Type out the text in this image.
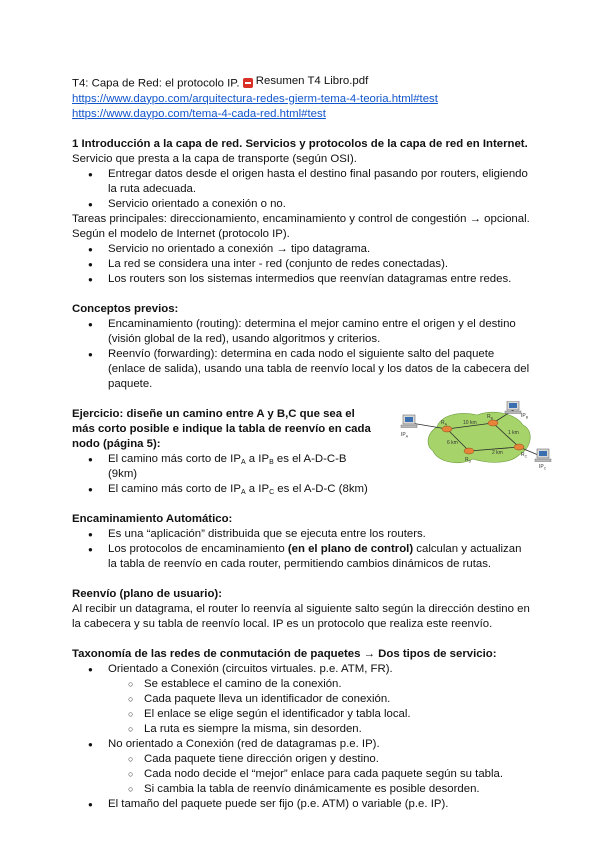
T4: Capa de Red: el protocolo IP. Resumen T4 Libro.pdf

https://www.daypo.com/arquitectura-redes-gierm-tema-4-teoria.html#test
https://www.daypo.com/tema-4-cada-red.html#test

1 Introducción a la capa de red. Servicios y protocolos de la capa de red en Internet.

Servicio que presta a la capa de transporte (según OSI).

● Entregar datos desde el origen hasta el destino final pasando por routers, eligiendo la ruta adecuada.
● Servicio orientado a conexión o no.

Tareas principales: direccionamiento, encaminamiento y control de congestión → opcional.

Según el modelo de Internet (protocolo IP).

● Servicio no orientado a conexión → tipo datagrama.
● La red se considera una inter - red (conjunto de redes conectadas).
● Los routers son los sistemas intermedios que reenvían datagramas entre redes.

Conceptos previos:

● Encaminamiento (routing): determina el mejor camino entre el origen y el destino (visión global de la red), usando algoritmos y criterios.
● Reenvío (forwarding): determina en cada nodo el siguiente salto del paquete (enlace de salida), usando una tabla de reenvío local y los datos de la cabecera del paquete.

Ejercicio: diseñe un camino entre A y B,C que sea el más corto posible e indique la tabla de reenvío en cada nodo (página 5):

● El camino más corto de $IP_A$ a $IP_B$ es el A-D-C-B (9km)
● El camino más corto de $IP_A$ a $IP_C$ es el A-D-C (8km)
$IP_A$
$IP_B$
$IP_C$
$R_A$
$R_B$
$R_C$
$R_D$
10 km
1 km
6 km
2 km

Encaminamiento Automático:

● Es una “aplicación” distribuida que se ejecuta entre los routers.
● Los protocolos de encaminamiento (en el plano de control) calculan y actualizan la tabla de reenvío en cada router, permitiendo cambios dinámicos de rutas.

Reenvío (plano de usuario):

Al recibir un datagrama, el router lo reenvía al siguiente salto según la dirección destino en la cabecera y su tabla de reenvío local. IP es un protocolo que realiza este reenvío.

Taxonomía de las redes de conmutación de paquetes → Dos tipos de servicio:

● Orientado a Conexión (circuitos virtuales. p.e. ATM, FR).
○ Se establece el camino de la conexión.
○ Cada paquete lleva un identificador de conexión.
○ El enlace se elige según el identificador y tabla local.
○ La ruta es siempre la misma, sin desorden.
● No orientado a Conexión (red de datagramas p.e. IP).
○ Cada paquete tiene dirección origen y destino.
○ Cada nodo decide el “mejor” enlace para cada paquete según su tabla.
○ Si cambia la tabla de reenvío dinámicamente es posible desorden.
● El tamaño del paquete puede ser fijo (p.e. ATM) o variable (p.e. IP).
